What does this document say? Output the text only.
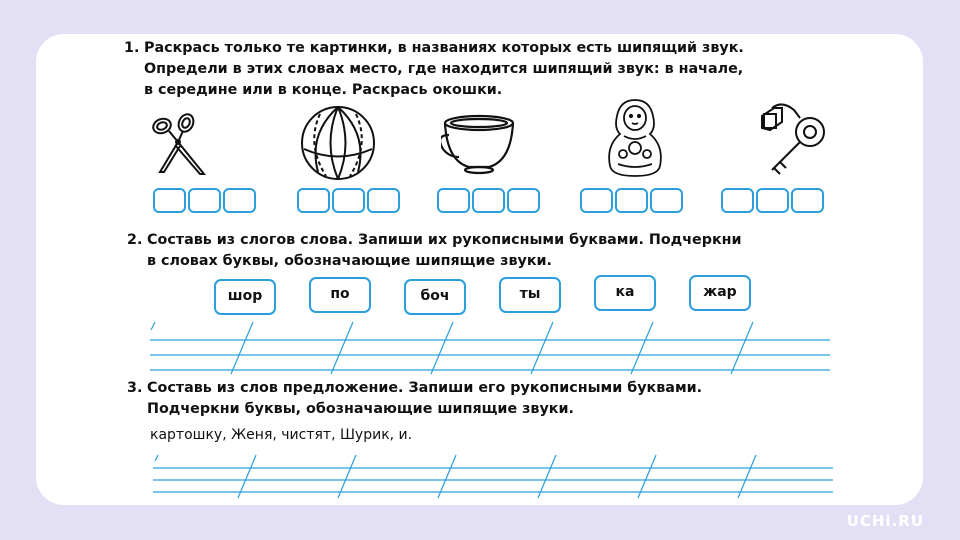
1. Раскрась только те картинки, в названиях которых есть шипящий звук.
Определи в этих словах место, где находится шипящий звук: в начале,
в середине или в конце. Раскрась окошки.
2. Составь из слогов слова. Запиши их рукописными буквами. Подчеркни
в словах буквы, обозначающие шипящие звуки.
шор	по	боч	ты	ка	жар
3. Составь из слов предложение. Запиши его рукописными буквами.
Подчеркни буквы, обозначающие шипящие звуки.
картошку, Женя, чистят, Шурик, и.
UCHi.RU
